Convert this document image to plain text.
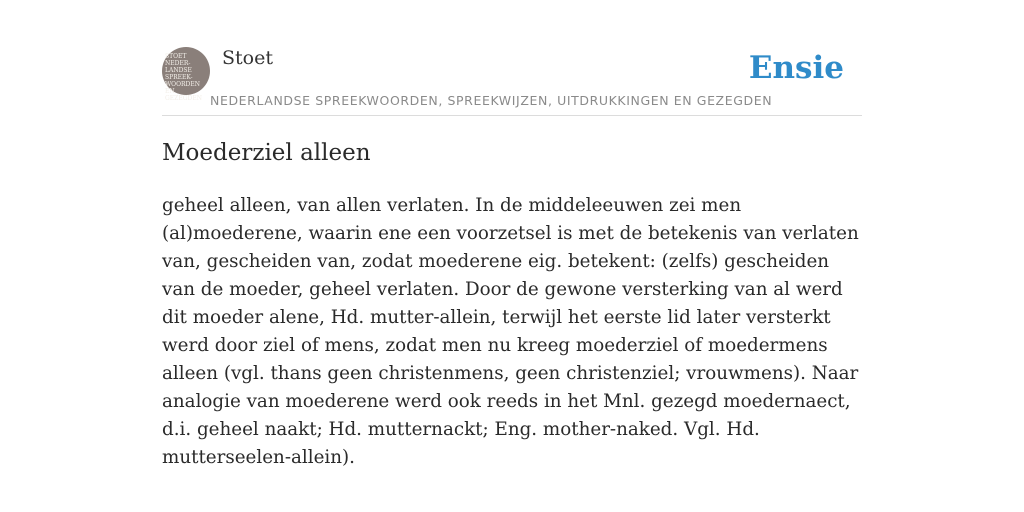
STOET
NEDER-
LANDSE
SPREEK-
WOORDEN EN
GEZEGDEN
Stoet
NEDERLANDSE SPREEKWOORDEN, SPREEKWIJZEN, UITDRUKKINGEN EN GEZEGDEN
Ensie
Moederziel alleen

geheel alleen, van allen verlaten. In de middeleeuwen zei men (al)moederene, waarin ene een voorzetsel is met de betekenis van verlaten van, gescheiden van, zodat moederene eig. betekent: (zelfs) gescheiden van de moeder, geheel verlaten. Door de gewone versterking van al werd dit moeder alene, Hd. mutter-allein, terwijl het eerste lid later versterkt werd door ziel of mens, zodat men nu kreeg moederziel of moedermens alleen (vgl. thans geen christenmens, geen christenziel; vrouwmens). Naar analogie van moederene werd ook reeds in het Mnl. gezegd moedernaect, d.i. geheel naakt; Hd. mutternackt; Eng. mother-naked. Vgl. Hd. mutterseelen-allein).
